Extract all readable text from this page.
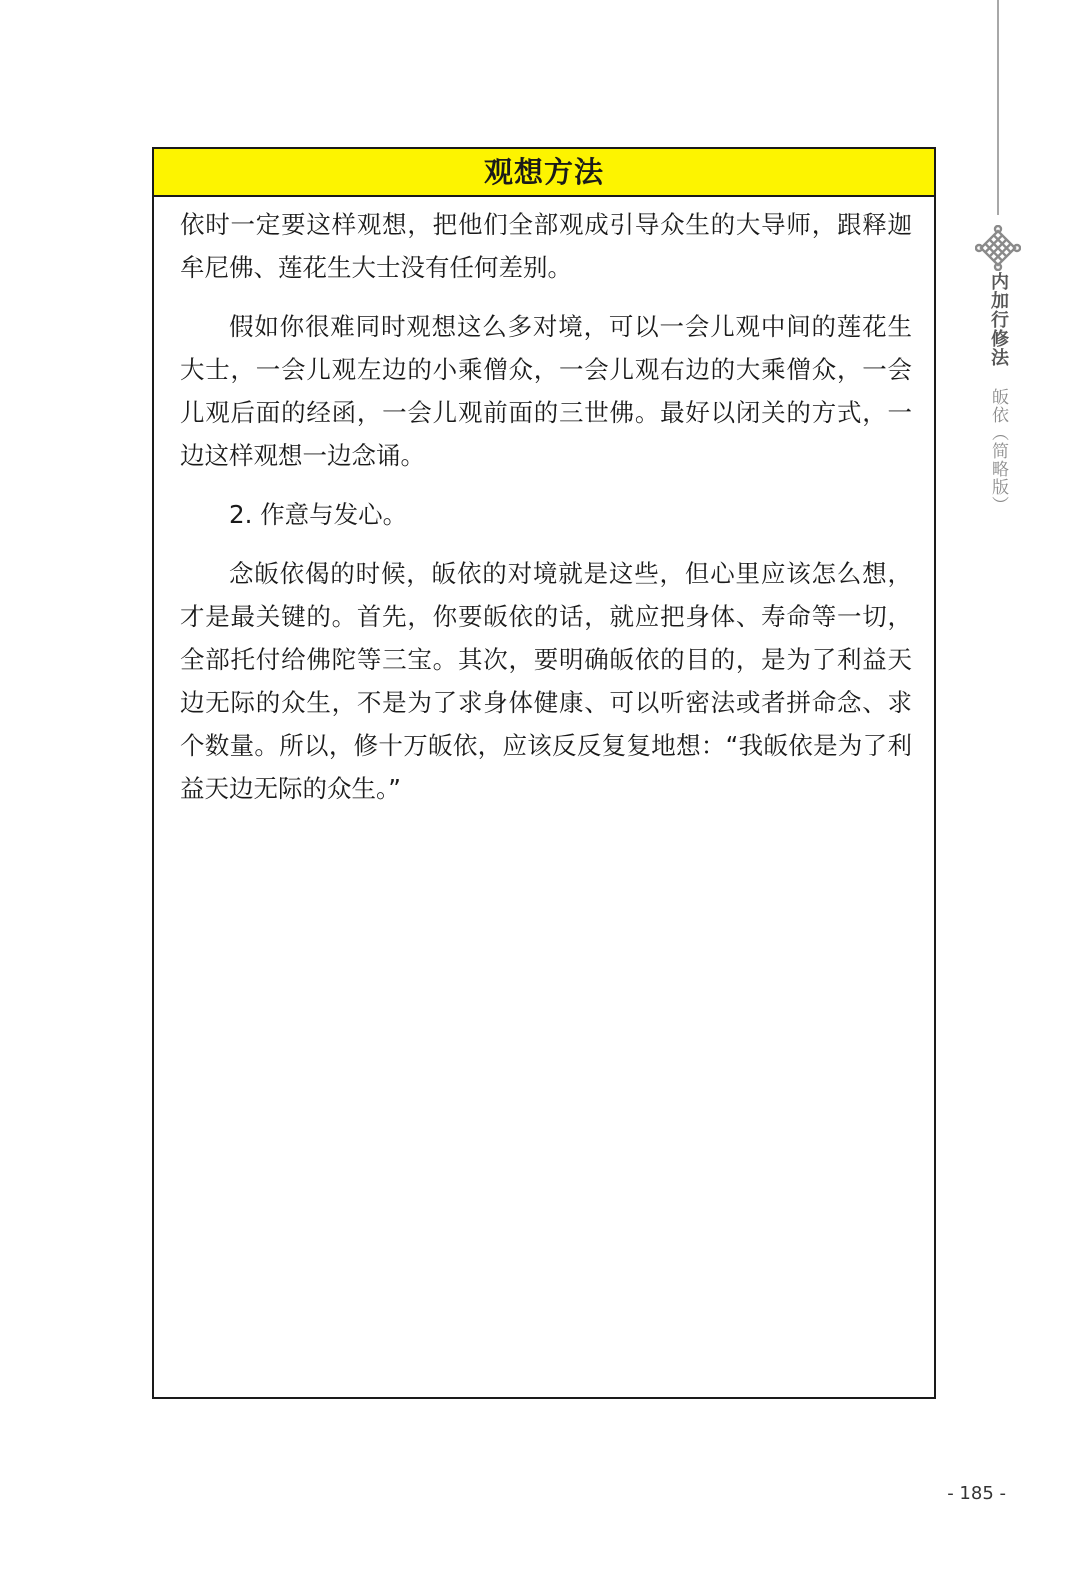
内加行修法
皈依（简略版）
观想方法

依时一定要这样观想，把他们全部观成引导众生的大导师，跟释迦牟尼佛、莲花生大士没有任何差别。

假如你很难同时观想这么多对境，可以一会儿观中间的莲花生大士，一会儿观左边的小乘僧众，一会儿观右边的大乘僧众，一会儿观后面的经函，一会儿观前面的三世佛。最好以闭关的方式，一边这样观想一边念诵。

2. 作意与发心。

念皈依偈的时候，皈依的对境就是这些，但心里应该怎么想，才是最关键的。首先，你要皈依的话，就应把身体、寿命等一切，全部托付给佛陀等三宝。其次，要明确皈依的目的，是为了利益天边无际的众生，不是为了求身体健康、可以听密法或者拼命念、求个数量。所以，修十万皈依，应该反反复复地想：“我皈依是为了利益天边无际的众生。”

- 185 -
